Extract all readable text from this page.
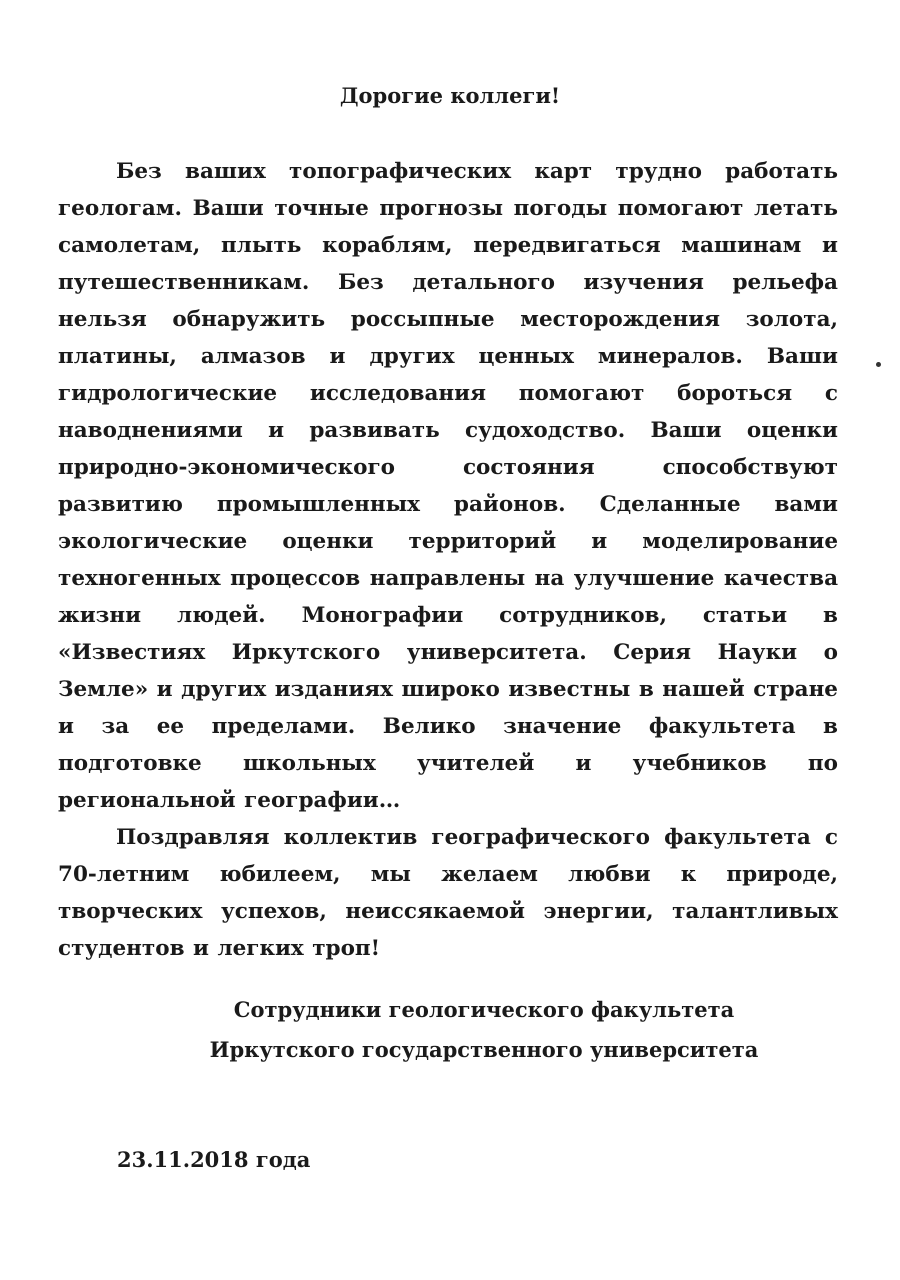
Дорогие коллеги!

Без ваших топографических карт трудно работать геологам. Ваши точные прогнозы погоды помогают летать самолетам, плыть кораблям, передвигаться машинам и путешественникам. Без детального изучения рельефа нельзя обнаружить россыпные месторождения золота, платины, алмазов и других ценных минералов. Ваши гидрологические исследования помогают бороться с наводнениями и развивать судоходство. Ваши оценки природно-экономического состояния способствуют развитию промышленных районов. Сделанные вами экологические оценки территорий и моделирование техногенных процессов направлены на улучшение качества жизни людей. Монографии сотрудников, статьи в «Известиях Иркутского университета. Серия Науки о Земле» и других изданиях широко известны в нашей стране и за ее пределами. Велико значение факультета в подготовке школьных учителей и учебников по региональной географии…

Поздравляя коллектив географического факультета с 70-летним юбилеем, мы желаем любви к природе, творческих успехов, неиссякаемой энергии, талантливых студентов и легких троп!

Сотрудники геологического факультета
Иркутского государственного университета
23.11.2018 года
